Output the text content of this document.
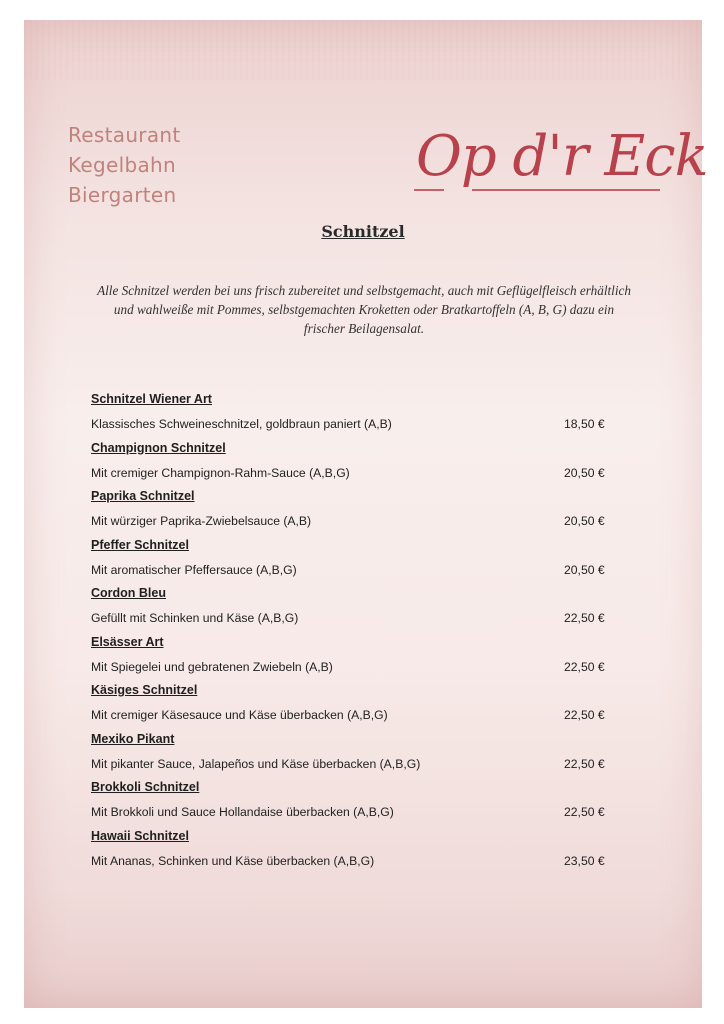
Restaurant
Kegelbahn
Biergarten
Op d'r Eck
Schnitzel
Alle Schnitzel werden bei uns frisch zubereitet und selbstgemacht, auch mit Geflügelfleisch erhältlich und wahlweiße mit Pommes, selbstgemachten Kroketten oder Bratkartoffeln (A, B, G) dazu ein frischer Beilagensalat.
Schnitzel Wiener Art
Klassisches Schweineschnitzel, goldbraun paniert (A,B)	18,50 €
Champignon Schnitzel
Mit cremiger Champignon-Rahm-Sauce (A,B,G)	20,50 €
Paprika Schnitzel
Mit würziger Paprika-Zwiebelsauce (A,B)	20,50 €
Pfeffer Schnitzel
Mit aromatischer Pfeffersauce (A,B,G)	20,50 €
Cordon Bleu
Gefüllt mit Schinken und Käse (A,B,G)	22,50 €
Elsässer Art
Mit Spiegelei und gebratenen Zwiebeln (A,B)	22,50 €
Käsiges Schnitzel
Mit cremiger Käsesauce und Käse überbacken (A,B,G)	22,50 €
Mexiko Pikant
Mit pikanter Sauce, Jalapeños und Käse überbacken (A,B,G)	22,50 €
Brokkoli Schnitzel
Mit Brokkoli und Sauce Hollandaise überbacken (A,B,G)	22,50 €
Hawaii Schnitzel
Mit Ananas, Schinken und Käse überbacken (A,B,G)	23,50 €
